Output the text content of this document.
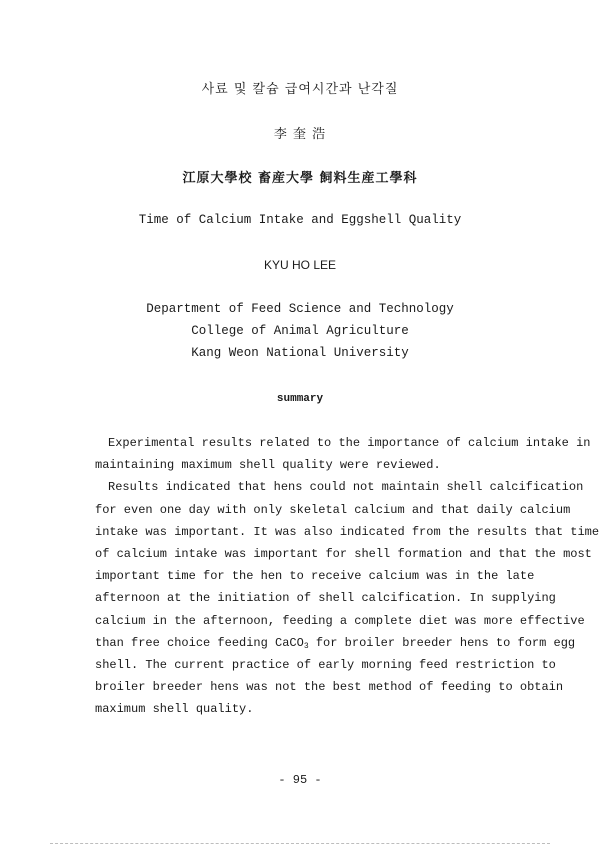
사료 및 칼슘 급여시간과 난각질
李 奎 浩
江原大學校 畜産大學 飼料生産工學科
Time of Calcium Intake and Eggshell Quality
KYU HO LEE
Department of Feed Science and Technology
College of Animal Agriculture
Kang Weon National University
summary
Experimental results related to the importance of calcium intake in
maintaining maximum shell quality were reviewed.
Results indicated that hens could not maintain shell calcification
for even one day with only skeletal calcium and that daily calcium
intake was important. It was also indicated from the results that time
of calcium intake was important for shell formation and that the most
important time for the hen to receive calcium was in the late
afternoon at the initiation of shell calcification. In supplying
calcium in the afternoon, feeding a complete diet was more effective
than free choice feeding CaCO3 for broiler breeder hens to form egg
shell. The current practice of early morning feed restriction to
broiler breeder hens was not the best method of feeding to obtain
maximum shell quality.
- 95 -
